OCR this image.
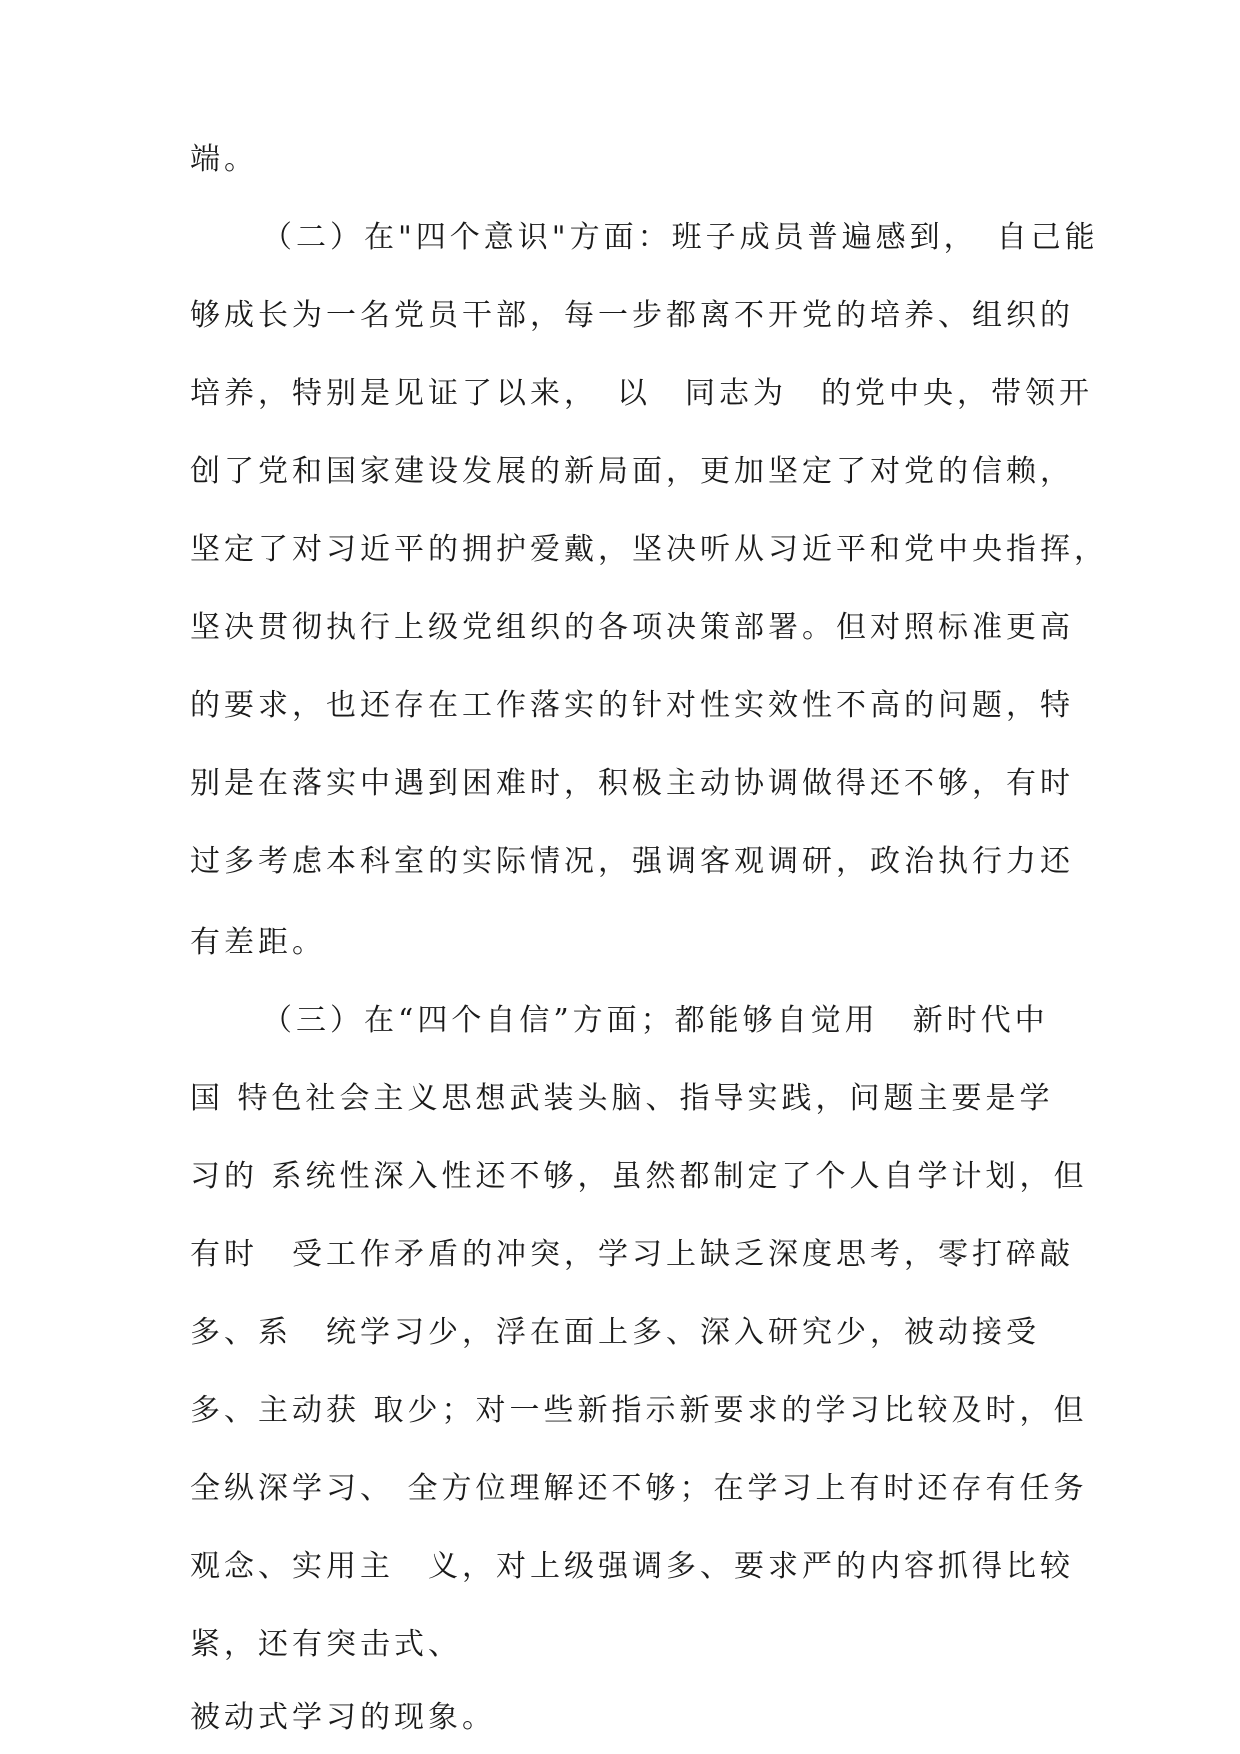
端。
（二）在"四个意识"方面：班子成员普遍感到，　自己能
够成长为一名党员干部，每一步都离不开党的培养、组织的
培养，特别是见证了以来，　以　同志为　的党中央，带领开
创了党和国家建设发展的新局面，更加坚定了对党的信赖，
坚定了对习近平的拥护爱戴，坚决听从习近平和党中央指挥，
坚决贯彻执行上级党组织的各项决策部署。但对照标准更高
的要求，也还存在工作落实的针对性实效性不高的问题，特
别是在落实中遇到困难时，积极主动协调做得还不够，有时
过多考虑本科室的实际情况，强调客观调研，政治执行力还
有差距。
（三）在“四个自信”方面；都能够自觉用　新时代中
国 特色社会主义思想武装头脑、指导实践，问题主要是学
习的 系统性深入性还不够，虽然都制定了个人自学计划，但
有时　受工作矛盾的冲突，学习上缺乏深度思考，零打碎敲
多、系　统学习少，浮在面上多、深入研究少，被动接受
多、主动获 取少；对一些新指示新要求的学习比较及时，但
全纵深学习、 全方位理解还不够；在学习上有时还存有任务
观念、实用主　义，对上级强调多、要求严的内容抓得比较
紧，还有突击式、
被动式学习的现象。
